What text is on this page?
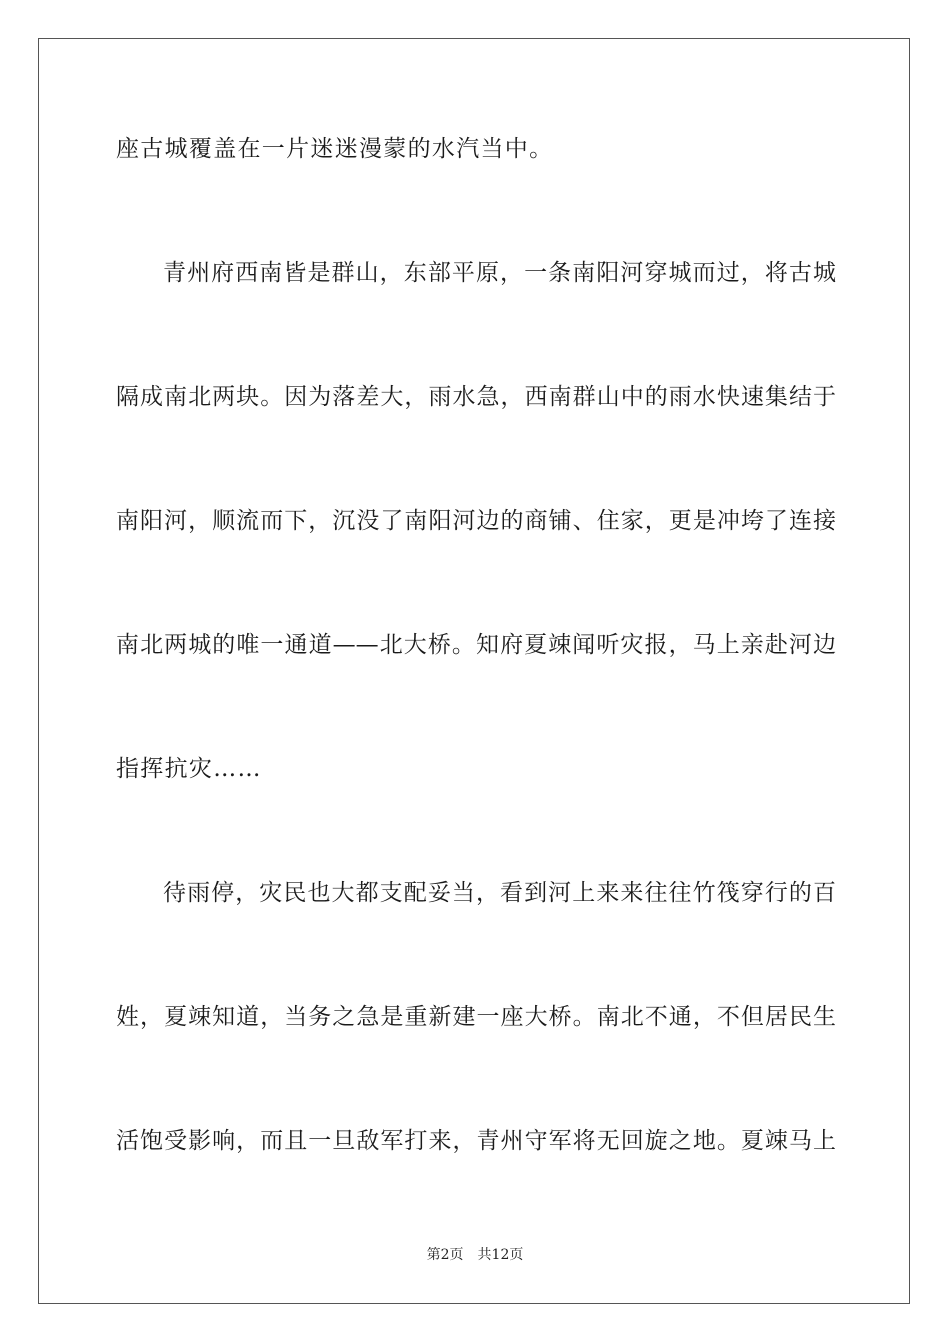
座古城覆盖在一片迷迷漫蒙的水汽当中。
青州府西南皆是群山，东部平原，一条南阳河穿城而过，将古城
隔成南北两块。因为落差大，雨水急，西南群山中的雨水快速集结于
南阳河，顺流而下，沉没了南阳河边的商铺、住家，更是冲垮了连接
南北两城的唯一通道——北大桥。知府夏竦闻听灾报，马上亲赴河边
指挥抗灾……
待雨停，灾民也大都支配妥当，看到河上来来往往竹筏穿行的百
姓，夏竦知道，当务之急是重新建一座大桥。南北不通，不但居民生
活饱受影响，而且一旦敌军打来，青州守军将无回旋之地。夏竦马上
第2页　共12页
